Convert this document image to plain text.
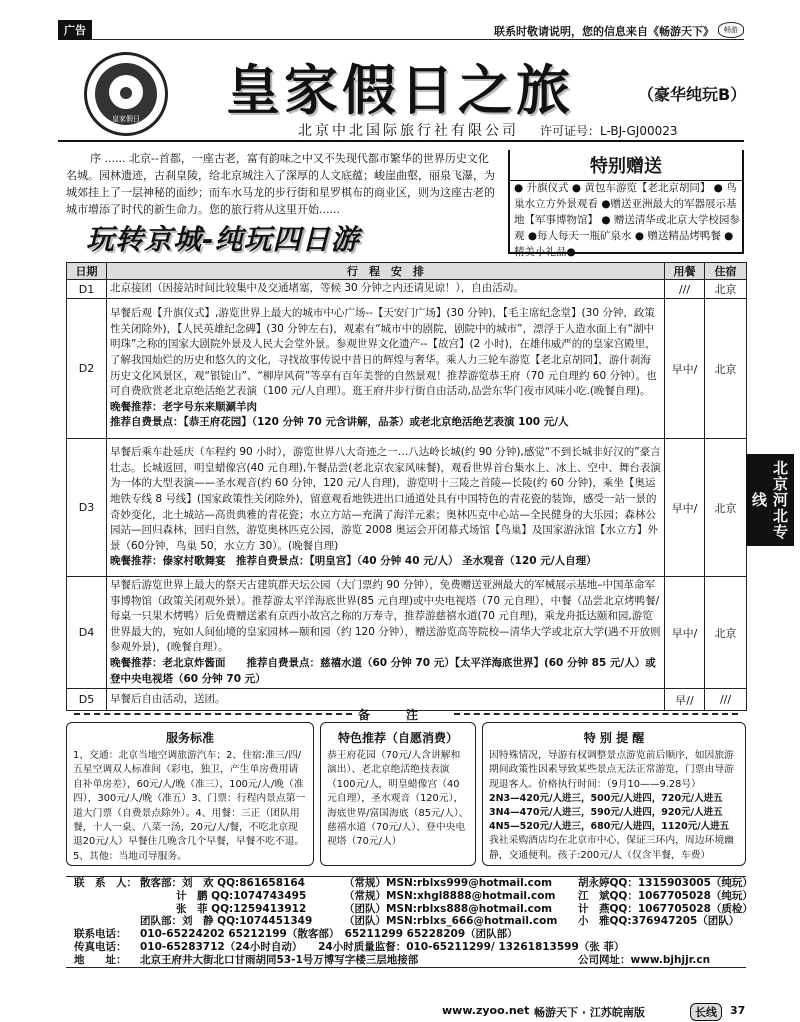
广告	联系时敬请说明，您的信息来自《畅游天下》	畅游
皇家假日 皇家假日之旅	（豪华纯玩B）
北京中北国际旅行社有限公司 许可证号：L-BJ-GJ00023
序 ...... 北京--首都，一座古老，富有韵味之中又不失现代都市繁华的世界历史文化名城。园林遗迹，古刹皇陵，给北京城注入了深厚的人文底蕴；峻崖曲壑，丽泉飞瀑，为城郊挂上了一层神秘的面纱；而车水马龙的步行街和星罗棋布的商业区，则为这座古老的城市增添了时代的新生命力。您的旅行将从这里开始......
特别赠送
● 升旗仪式 ● 黄包车游览【老北京胡同】 ● 鸟巢水立方外景观看 ●赠送亚洲最大的军器展示基地【军事博物馆】 ● 赠送清华或北京大学校园参观 ●每人每天一瓶矿泉水 ● 赠送精品烤鸭餐 ●精美小礼品●
玩转京城-纯玩四日游
日期	行　程　安　排	用餐	住宿
D1	北京接团（因接站时间比较集中及交通堵塞，等候 30 分钟之内还请见谅！），自由活动。	///	北京
D2	早餐后观【升旗仪式】,游览世界上最大的城市中心广场--【天安门广场】(30 分钟)，【毛主席纪念堂】(30 分钟，政策性关闭除外)，【人民英雄纪念碑】(30 分钟左右)，观素有“城市中的剧院，剧院中的城市”，漂浮于人造水面上有“湖中明珠”之称的国家大剧院外景及人民大会堂外景。参观世界文化遗产--【故宫】(2 小时)，在雄伟威严的的皇家宫殿里，了解我国灿烂的历史和悠久的文化，寻找故事传说中昔日的辉煌与奢华。乘人力三轮车游览【老北京胡同】，游什刹海历史文化风景区，观“银锭山”、“柳岸风荷”等享有百年美誉的自然景观！推荐游览恭王府（70 元自理约 60 分钟）。也可自费欣赏老北京绝活绝艺表演（100 元/人自理）。逛王府井步行街自由活动,品尝东华门夜市风味小吃.(晚餐自理)。
晚餐推荐：老字号东来顺涮羊肉
推荐自费景点：【恭王府花园】（120 分钟 70 元含讲解，品茶）或老北京绝活绝艺表演 100 元/人	早中/	北京
D3	早餐后乘车赴延庆（车程约 90 小时），游览世界八大奇迹之一…八达岭长城(约 90 分钟),感觉“不到长城非好汉的”豪言壮志。长城返回，明皇蜡像宫(40 元自理),午餐品尝(老北京农家风味餐)，观看世界首台集水上、冰上、空中、舞台表演为一体的大型表演——圣水观音(约 60 分钟，120 元/人自理)，游览明十三陵之首陵—长陵(约 60 分钟)，乘坐【奥运地铁专线 8 号线】(国家政策性关闭除外)，留意观看地铁进出口通道处具有中国特色的青花瓷的装饰，感受一站一景的奇妙变化，北土城站—高贵典雅的青花瓷；水立方站—充满了海洋元素；奥林匹克中心站—全民健身的大乐园；森林公园站—回归森林，回归自然，游览奥林匹克公园，游览 2008 奥运会开闭幕式场馆【鸟巢】及国家游泳馆【水立方】外景（60分钟，鸟巢 50，水立方 30）。(晚餐自理)
晚餐推荐：傣家村歌舞宴　推荐自费景点：【明皇宫】（40 分钟 40 元/人） 圣水观音（120 元/人自理）	早中/	北京
D4	早餐后游览世界上最大的祭天古建筑群天坛公园（大门票约 90 分钟），免费赠送亚洲最大的军械展示基地–中国革命军事博物馆（政策关闭观外景）。推荐游太平洋海底世界(85 元自理)或中央电视塔（70 元自理），中餐（品尝北京烤鸭餐/每桌一只果木烤鸭）后免费赠送素有京西小故宫之称的万寿寺，推荐游慈禧水道(70 元自理)，乘龙舟抵达颐和园,游览世界最大的，宛如人间仙境的皇家园林—颐和园（约 120 分钟），赠送游览高等院校—清华大学或北京大学(遇不开放则参观外景)，(晚餐自理）。
晚餐推荐：老北京炸酱面　　推荐自费景点：慈禧水道（60 分钟 70 元）【太平洋海底世界】(60 分钟 85 元/人）或登中央电视塔（60 分钟 70 元）	早中/	北京
D5	早餐后自由活动，送团。	早//	///
北京河北专线
备　　　注
服务标准
1、交通：北京当地空调旅游汽车；2、住宿:准三/四/五星空调双人标准间（彩电，独卫，产生单房费用请自补单房差），60元/人/晚（准三），100元/人/晚（准四），300元/人/晚（准五）3、门票：行程内景点第一道大门票（自费景点除外）。4、用餐：三正（团队用餐，十人一桌、八菜一汤，20元/人/餐，不吃北京现退20元/人）早餐住几晚含几个早餐，早餐不吃不退。5、其他：当地司导服务。
特色推荐（自愿消费）
恭王府花园（70元/人含讲解和演出）、老北京绝活绝技表演（100元/人，明皇蜡像宫（40元自理），圣水观音（120元），海底世界/富国海底（85元/人）、慈禧水道（70元/人）、登中央电视塔（70元/人）
特 别 提 醒
因特殊情况，导游有权调整景点游览前后顺序，如因旅游期间政策性因素导致某些景点无法正常游览，门票由导游现退客人。价格执行时间：（9月10——9.28号）
2N3—420元/人进三，500元/人进四，720元/人进五
3N4—470元/人进三，590元/人进四，920元/人进五
4N5—520元/人进三，680元/人进四，1120元/人进五
我社采购酒店均在北京市中心，保证三环内，周边环境幽静，交通便利。孩子:200元/人（仅含半餐，车费）
联　系　人： 散客部：刘　欢 QQ:861658164	（常规）MSN:rblxs999@hotmail.com 胡永婷QQ：1315903005（纯玩）
计　鹏 QQ:1074743495	（常规）MSN:xhgl8888@hotmail.com 江　斌QQ：1067705028（纯玩）
张　菲 QQ:1259413912	（团队）MSN:rblxs888@hotmail.com 计　燕QQ：1067705028（质检）
团队部：刘　静 QQ:1074451349	（团队）MSN:rblxs_666@hotmail.com 小　雅QQ:376947205（团队）
联系电话： 010-65224202 65212199（散客部）　65211299 65228209（团队部）
传真电话： 010-65283712（24小时自动）　　24小时质量监督：010-65211299/ 13261813599（张 菲）
地　　址： 北京王府井大街北口甘雨胡同53-1号万博写字楼三层地接部	公司网址：www.bjhjjr.cn
www.zyoo.net 畅游天下 · 江苏皖南版	长线	37
